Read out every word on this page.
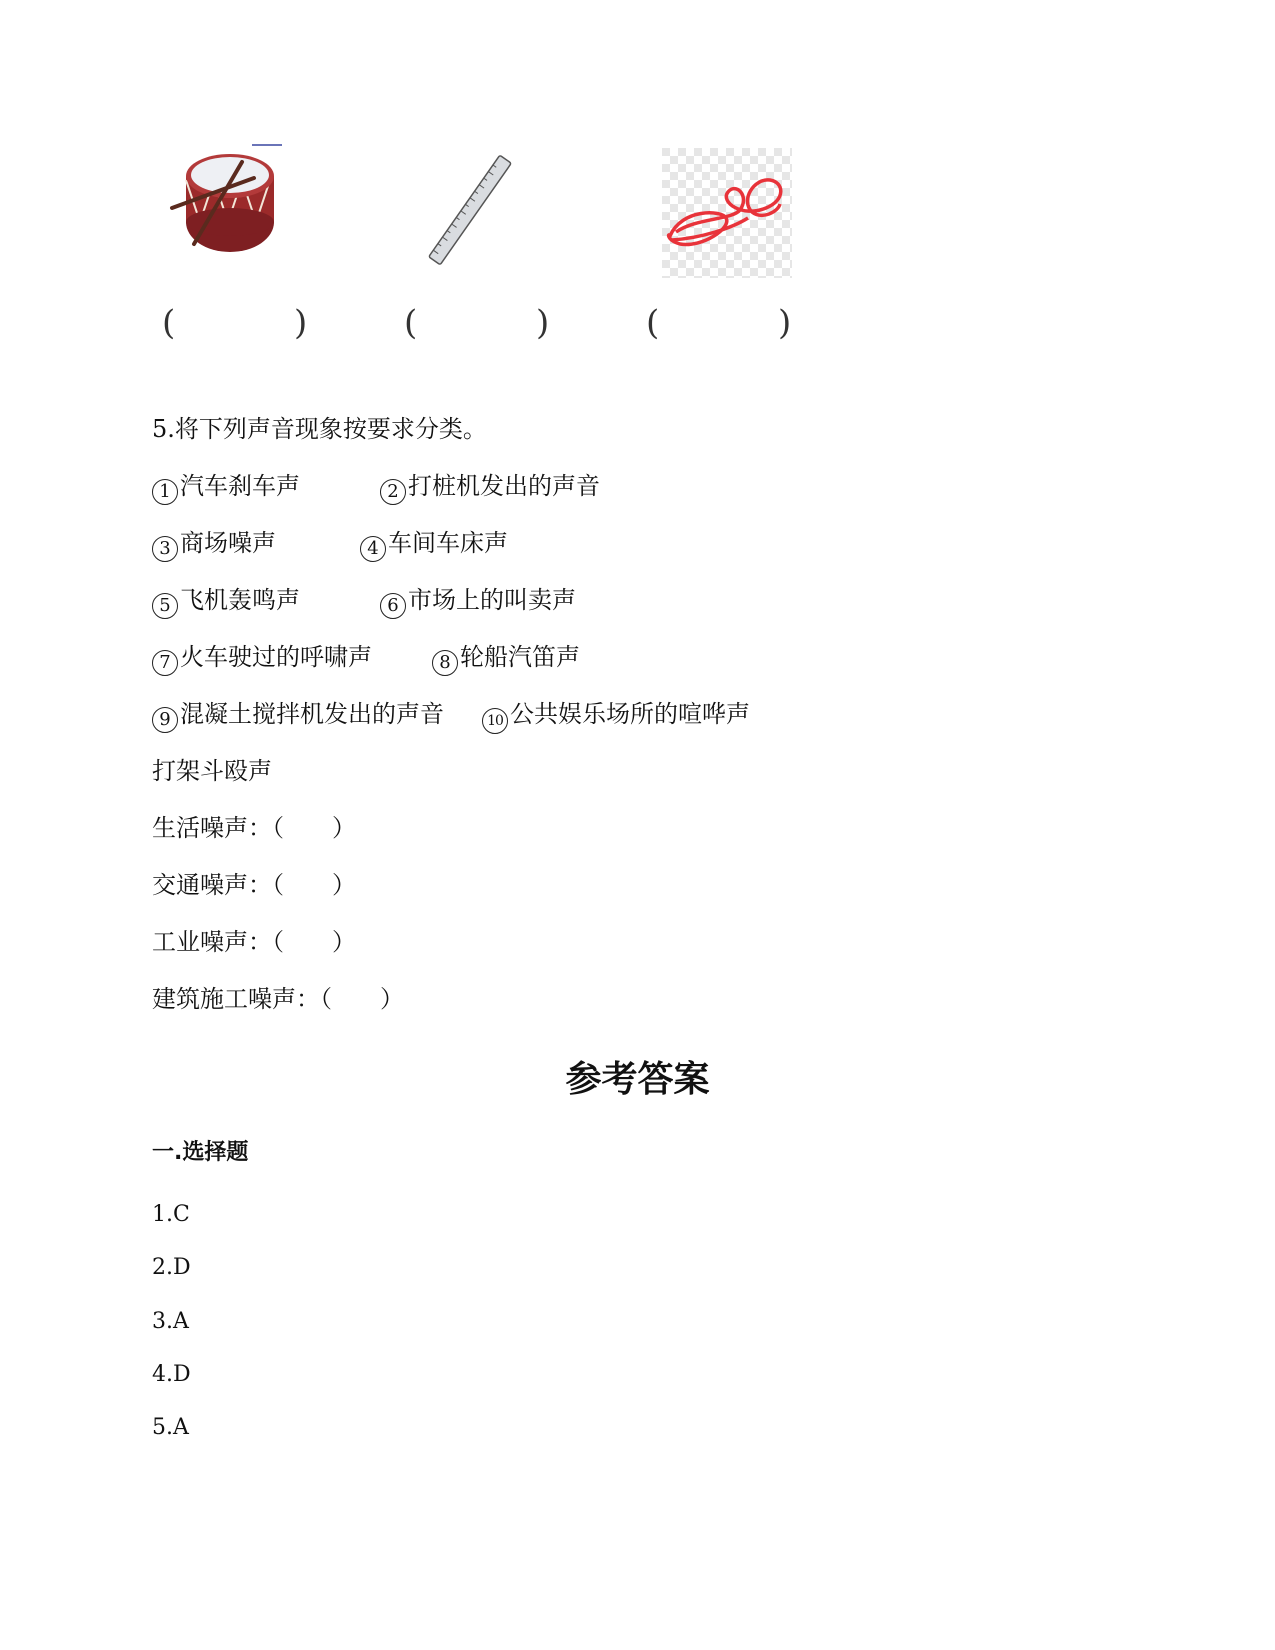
(	)	(	)	(	)
5.将下列声音现象按要求分类。
1 汽车刹车声	2 打桩机发出的声音
3 商场噪声	4 车间车床声
5 飞机轰鸣声	6 市场上的叫卖声
7 火车驶过的呼啸声	8 轮船汽笛声
9 混凝土搅拌机发出的声音	10 公共娱乐场所的喧哗声
打架斗殴声
生活噪声：（　　）
交通噪声：（　　）
工业噪声：（　　）
建筑施工噪声：（　　）
参考答案
一.选择题
1.C
2.D
3.A
4.D
5.A
